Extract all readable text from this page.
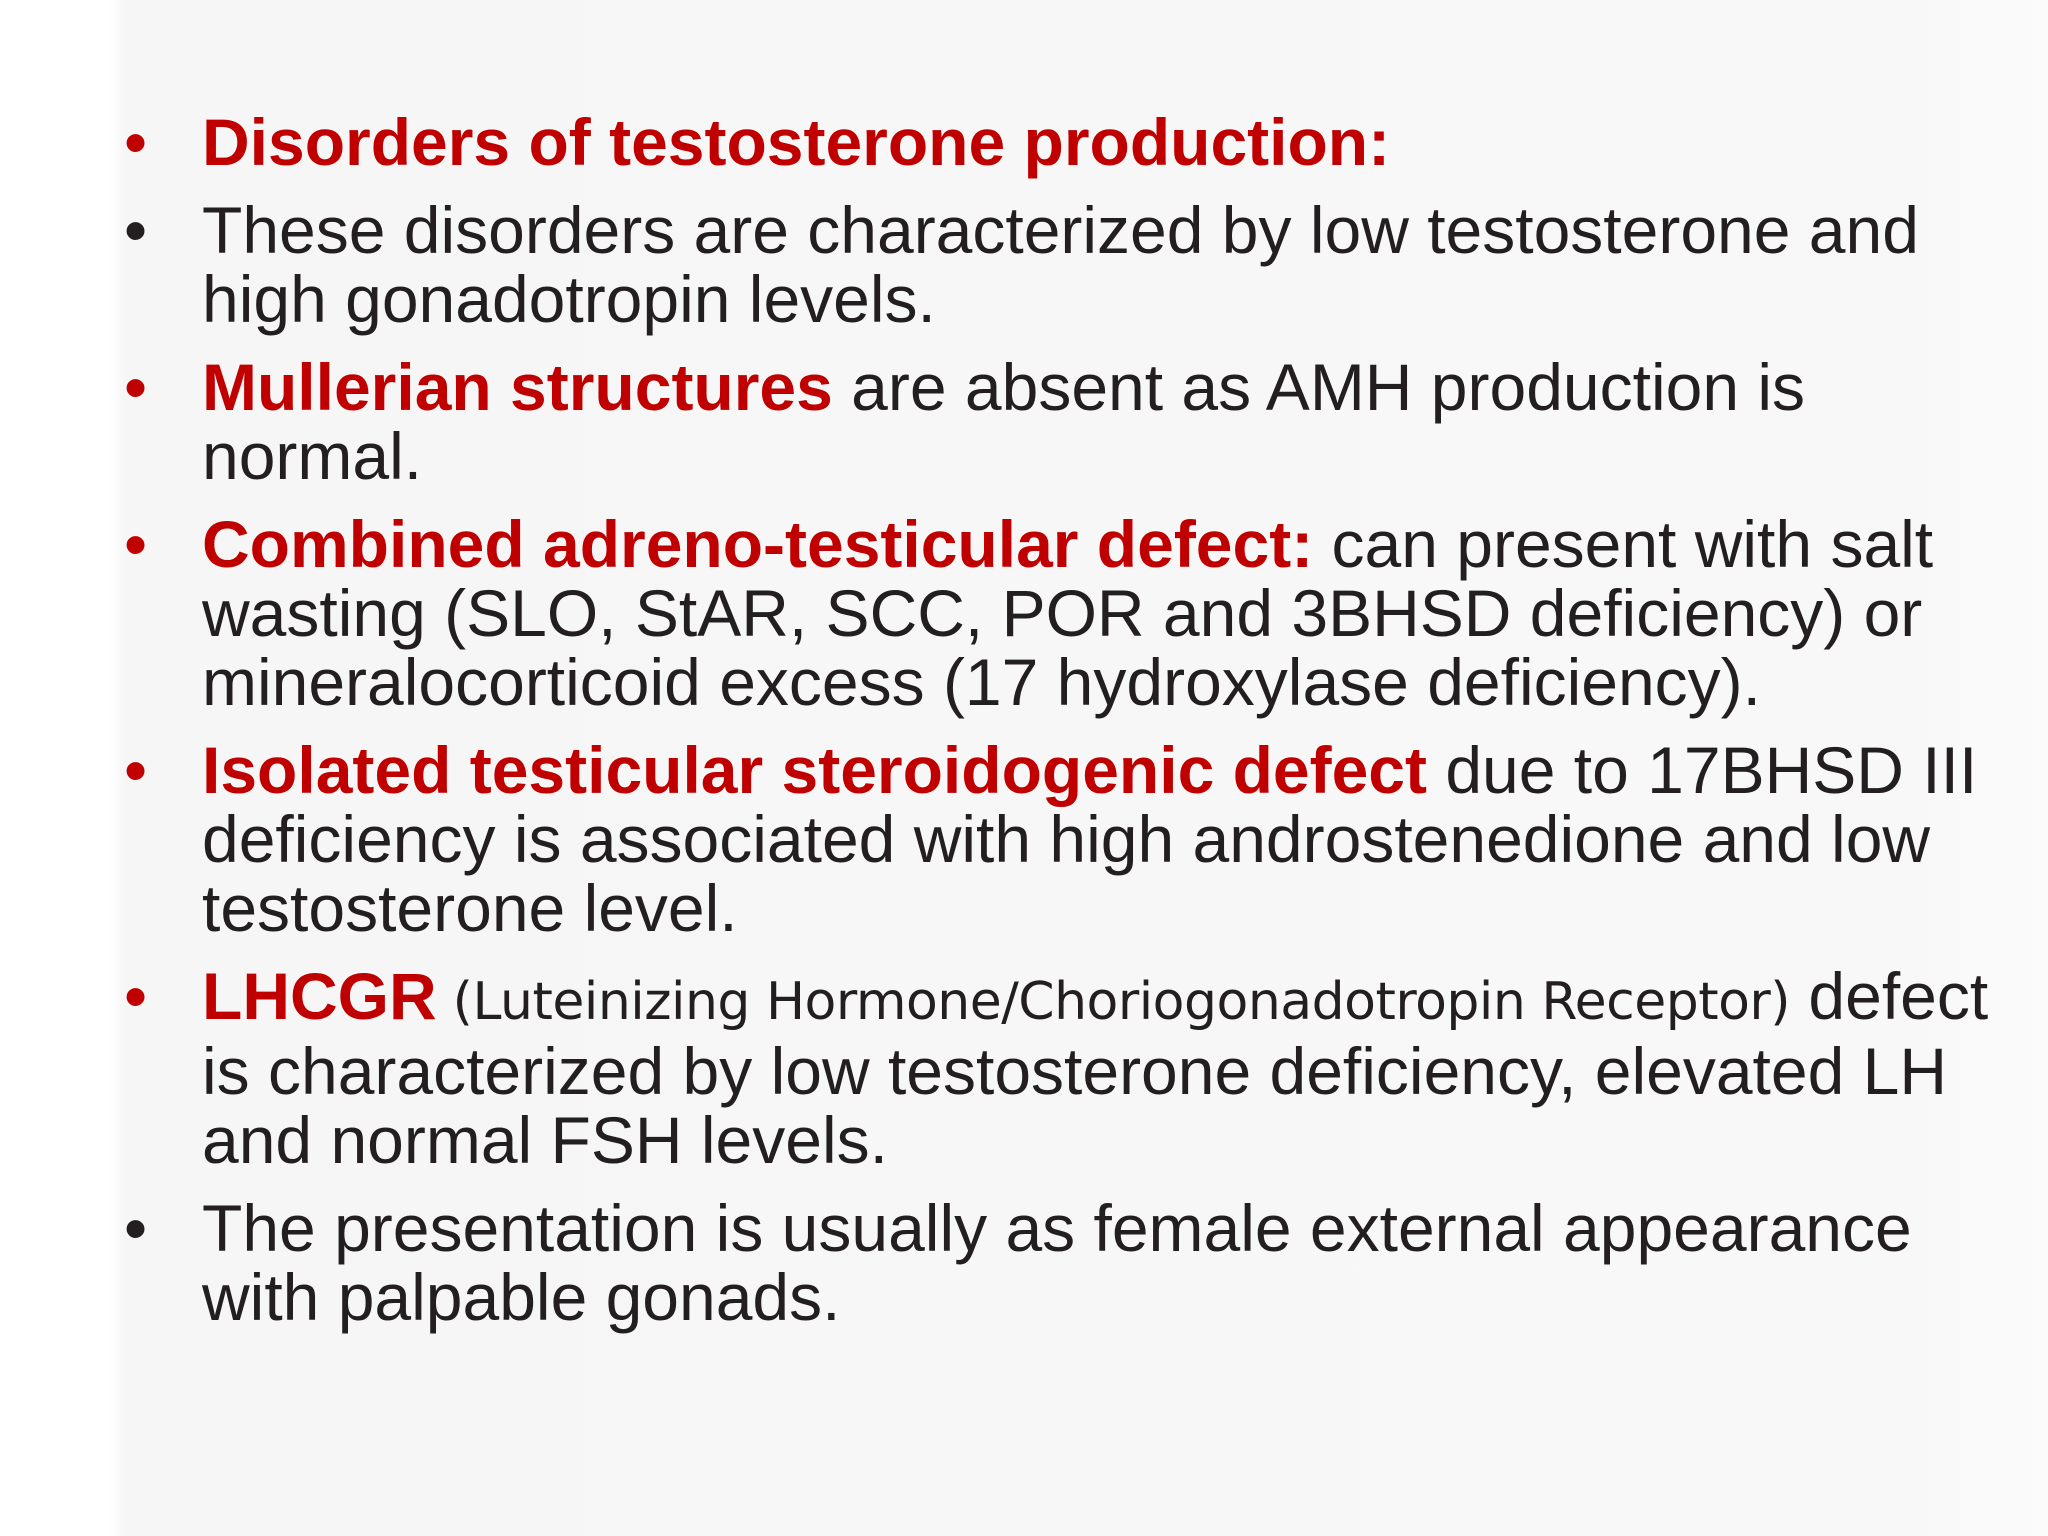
• Disorders of testosterone production:
• These disorders are characterized by low testosterone and high gonadotropin levels.
• Mullerian structures are absent as AMH production is normal.
• Combined adreno-testicular defect: can present with salt wasting (SLO, StAR, SCC, POR and 3BHSD deficiency) or mineralocorticoid excess (17 hydroxylase deficiency).
• Isolated testicular steroidogenic defect due to 17BHSD III deficiency is associated with high androstenedione and low testosterone level.
• LHCGR (Luteinizing Hormone/Choriogonadotropin Receptor) defect is characterized by low testosterone deficiency, elevated LH and normal FSH levels.
• The presentation is usually as female external appearance with palpable gonads.
